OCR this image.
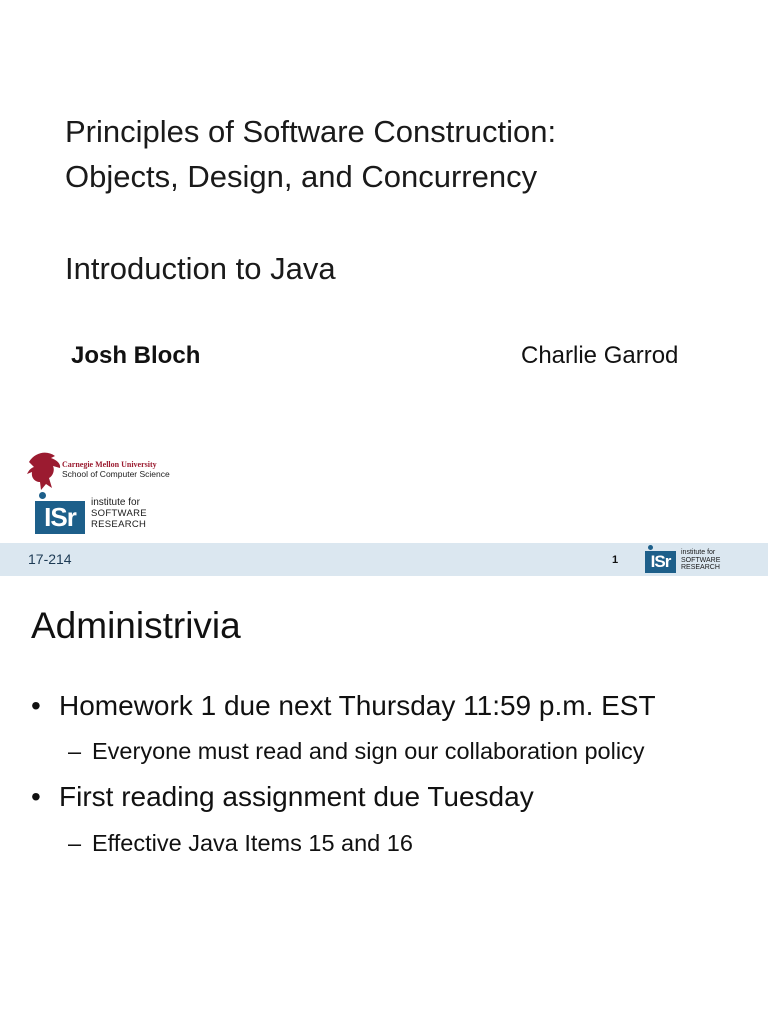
Principles of Software Construction:
Objects, Design, and Concurrency
Introduction to Java
Josh Bloch	Charlie Garrod
Carnegie Mellon University
School of Computer Science
ISr	institute for
SOFTWARE
RESEARCH
17-214	1	ISr	institute for
SOFTWARE
RESEARCH
Administrivia
• Homework 1 due next Thursday 11:59 p.m. EST
– Everyone must read and sign our collaboration policy
• First reading assignment due Tuesday
– Effective Java Items 15 and 16
